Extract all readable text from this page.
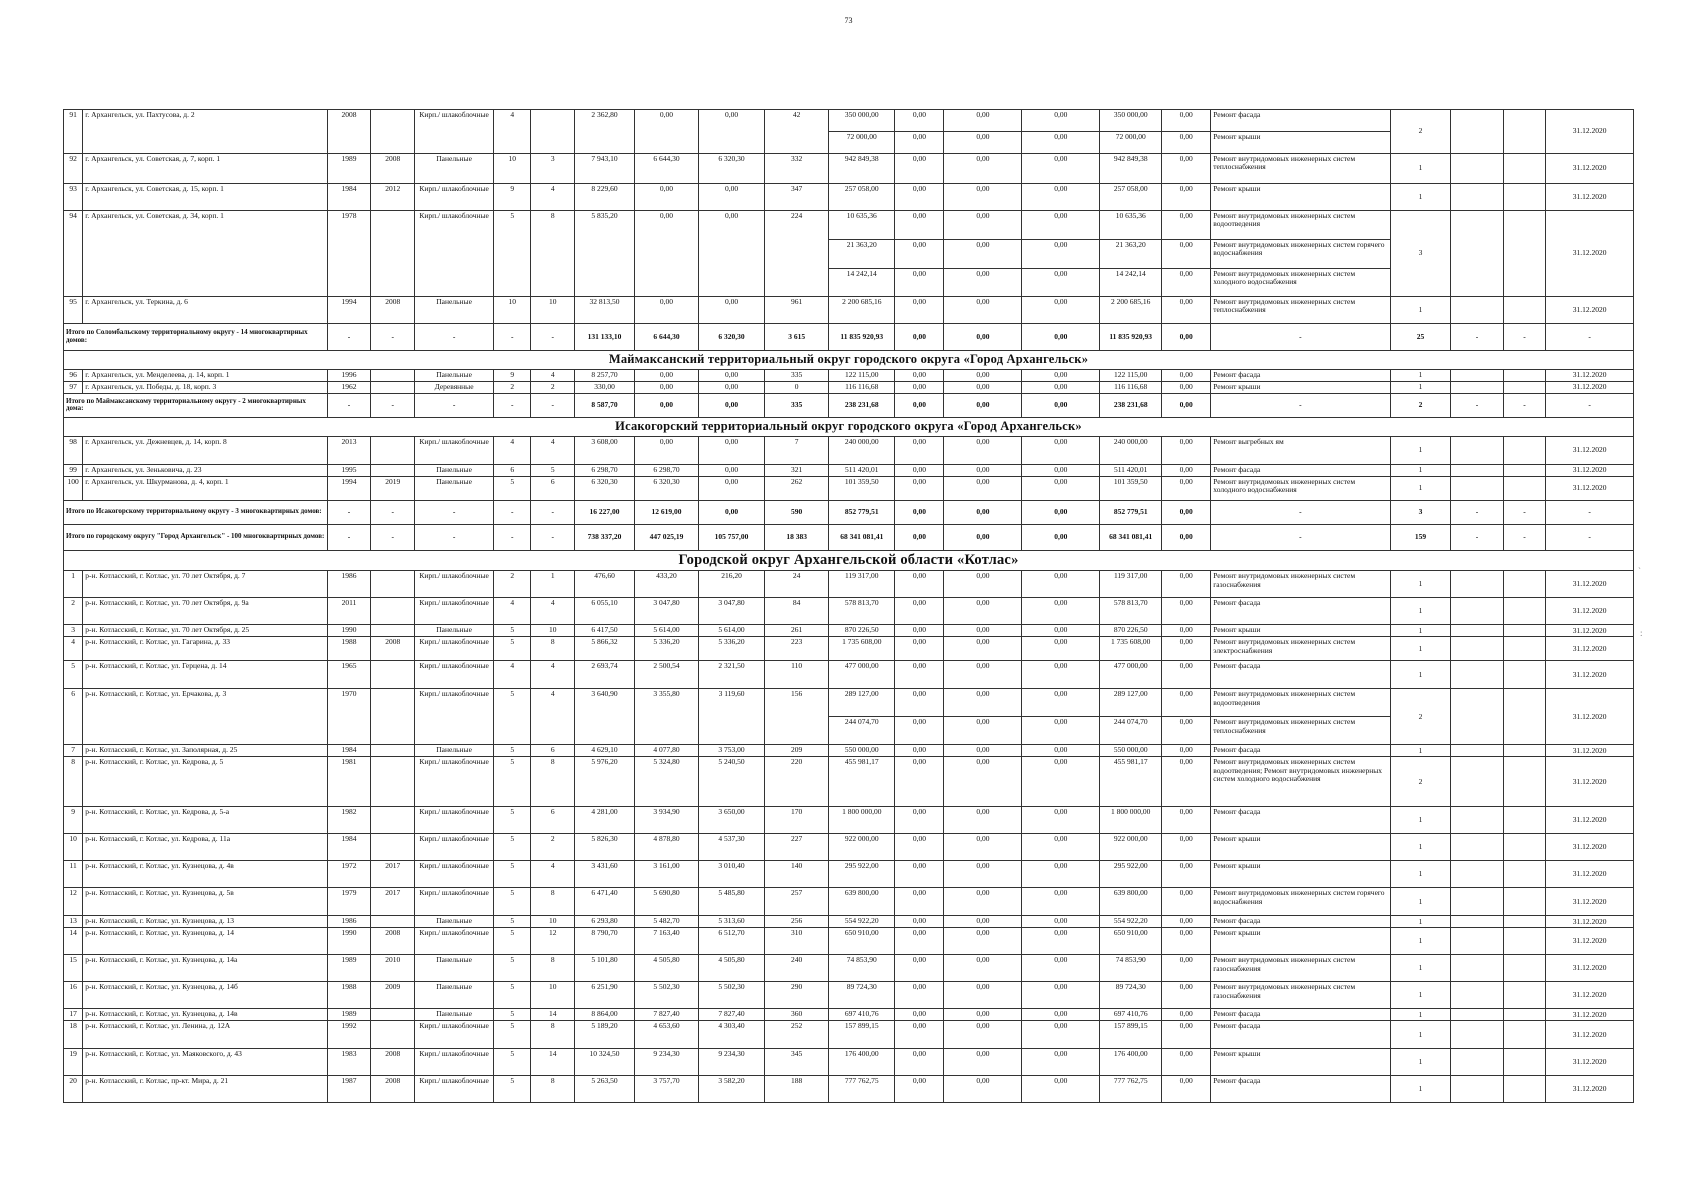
73
91	г. Архангельск, ул. Пахтусова, д. 2	2008		Кирп./ шлакоблочные	4		2 362,80	0,00	0,00	42	350 000,00	0,00	0,00	0,00	350 000,00	0,00	Ремонт фасада	2			31.12.2020
											72 000,00	0,00	0,00	0,00	72 000,00	0,00	Ремонт крыши				
92	г. Архангельск, ул. Советская, д. 7, корп. 1	1989	2008	Панельные	10	3	7 943,10	6 644,30	6 320,30	332	942 849,38	0,00	0,00	0,00	942 849,38	0,00	Ремонт внутридомовых инженерных систем теплоснабжения	1			31.12.2020
93	г. Архангельск, ул. Советская, д. 15, корп. 1	1984	2012	Кирп./ шлакоблочные	9	4	8 229,60	0,00	0,00	347	257 058,00	0,00	0,00	0,00	257 058,00	0,00	Ремонт крыши	1			31.12.2020
94	г. Архангельск, ул. Советская, д. 34, корп. 1	1978		Кирп./ шлакоблочные	5	8	5 835,20	0,00	0,00	224	10 635,36	0,00	0,00	0,00	10 635,36	0,00	Ремонт внутридомовых инженерных систем водоотведения	3			31.12.2020
											21 363,20	0,00	0,00	0,00	21 363,20	0,00	Ремонт внутридомовых инженерных систем горячего водоснабжения				
											14 242,14	0,00	0,00	0,00	14 242,14	0,00	Ремонт внутридомовых инженерных систем холодного водоснабжения				
95	г. Архангельск, ул. Теркина, д. 6	1994	2008	Панельные	10	10	32 813,50	0,00	0,00	961	2 200 685,16	0,00	0,00	0,00	2 200 685,16	0,00	Ремонт внутридомовых инженерных систем теплоснабжения	1			31.12.2020
Итого по Соломбальскому территориальному округу - 14 многоквартирных домов:		-	-	-	-	-	131 133,10	6 644,30	6 320,30	3 615	11 835 920,93	0,00	0,00	0,00	11 835 920,93	0,00	-	25	-	-	-
Маймаксанский территориальный округ городского округа «Город Архангельск»																					
96	г. Архангельск, ул. Менделеева, д. 14, корп. 1	1996		Панельные	9	4	8 257,70	0,00	0,00	335	122 115,00	0,00	0,00	0,00	122 115,00	0,00	Ремонт фасада	1			31.12.2020
97	г. Архангельск, ул. Победы, д. 18, корп. 3	1962		Деревянные	2	2	330,00	0,00	0,00	0	116 116,68	0,00	0,00	0,00	116 116,68	0,00	Ремонт крыши	1			31.12.2020
Итого по Маймаксанскому территориальному округу - 2 многоквартирных дома:		-	-	-	-	-	8 587,70	0,00	0,00	335	238 231,68	0,00	0,00	0,00	238 231,68	0,00	-	2	-	-	-
Исакогорский территориальный округ городского округа «Город Архангельск»																					
98	г. Архангельск, ул. Дежневцев, д. 14, корп. 8	2013		Кирп./ шлакоблочные	4	4	3 608,00	0,00	0,00	7	240 000,00	0,00	0,00	0,00	240 000,00	0,00	Ремонт выгребных ям	1			31.12.2020
99	г. Архангельск, ул. Зеньковича, д. 23	1995		Панельные	6	5	6 298,70	6 298,70	0,00	321	511 420,01	0,00	0,00	0,00	511 420,01	0,00	Ремонт фасада	1			31.12.2020
100	г. Архангельск, ул. Шкурманова, д. 4, корп. 1	1994	2019	Панельные	5	6	6 320,30	6 320,30	0,00	262	101 359,50	0,00	0,00	0,00	101 359,50	0,00	Ремонт внутридомовых инженерных систем холодного водоснабжения	1			31.12.2020
Итого по Исакогорскому территориальному округу - 3 многоквартирных домов:		-	-	-	-	-	16 227,00	12 619,00	0,00	590	852 779,51	0,00	0,00	0,00	852 779,51	0,00	-	3	-	-	-
Итого по городскому округу "Город Архангельск" - 100 многоквартирных домов:		-	-	-	-	-	738 337,20	447 025,19	105 757,00	18 383	68 341 081,41	0,00	0,00	0,00	68 341 081,41	0,00	-	159	-	-	-
Городской округ Архангельской области «Котлас»																					
1	р-н. Котласский, г. Котлас, ул. 70 лет Октября, д. 7	1986		Кирп./ шлакоблочные	2	1	476,60	433,20	216,20	24	119 317,00	0,00	0,00	0,00	119 317,00	0,00	Ремонт внутридомовых инженерных систем газоснабжения	1			31.12.2020
2	р-н. Котласский, г. Котлас, ул. 70 лет Октября, д. 9а	2011		Кирп./ шлакоблочные	4	4	6 055,10	3 047,80	3 047,80	84	578 813,70	0,00	0,00	0,00	578 813,70	0,00	Ремонт фасада	1			31.12.2020
3	р-н. Котласский, г. Котлас, ул. 70 лет Октября, д. 25	1990		Панельные	5	10	6 417,50	5 614,00	5 614,00	261	870 226,50	0,00	0,00	0,00	870 226,50	0,00	Ремонт крыши	1			31.12.2020
4	р-н. Котласский, г. Котлас, ул. Гагарина, д. 33	1988	2008	Кирп./ шлакоблочные	5	8	5 866,32	5 336,20	5 336,20	223	1 735 608,00	0,00	0,00	0,00	1 735 608,00	0,00	Ремонт внутридомовых инженерных систем электроснабжения	1			31.12.2020
5	р-н. Котласский, г. Котлас, ул. Герцена, д. 14	1965		Кирп./ шлакоблочные	4	4	2 693,74	2 500,54	2 321,50	110	477 000,00	0,00	0,00	0,00	477 000,00	0,00	Ремонт фасада	1			31.12.2020
6	р-н. Котласский, г. Котлас, ул. Ерчакова, д. 3	1970		Кирп./ шлакоблочные	5	4	3 640,90	3 355,80	3 119,60	156	289 127,00	0,00	0,00	0,00	289 127,00	0,00	Ремонт внутридомовых инженерных систем водоотведения	2			31.12.2020
											244 074,70	0,00	0,00	0,00	244 074,70	0,00	Ремонт внутридомовых инженерных систем теплоснабжения				
7	р-н. Котласский, г. Котлас, ул. Заполярная, д. 25	1984		Панельные	5	6	4 629,10	4 077,80	3 753,00	209	550 000,00	0,00	0,00	0,00	550 000,00	0,00	Ремонт фасада	1			31.12.2020
8	р-н. Котласский, г. Котлас, ул. Кедрова, д. 5	1981		Кирп./ шлакоблочные	5	8	5 976,20	5 324,80	5 240,50	220	455 981,17	0,00	0,00	0,00	455 981,17	0,00	Ремонт внутридомовых инженерных систем водоотведения; Ремонт внутридомовых инженерных систем холодного водоснабжения	2			31.12.2020
9	р-н. Котласский, г. Котлас, ул. Кедрова, д. 5-а	1982		Кирп./ шлакоблочные	5	6	4 281,00	3 934,90	3 650,00	170	1 800 000,00	0,00	0,00	0,00	1 800 000,00	0,00	Ремонт фасада	1			31.12.2020
10	р-н. Котласский, г. Котлас, ул. Кедрова, д. 11а	1984		Кирп./ шлакоблочные	5	2	5 826,30	4 878,80	4 537,30	227	922 000,00	0,00	0,00	0,00	922 000,00	0,00	Ремонт крыши	1			31.12.2020
11	р-н. Котласский, г. Котлас, ул. Кузнецова, д. 4в	1972	2017	Кирп./ шлакоблочные	5	4	3 431,60	3 161,00	3 010,40	140	295 922,00	0,00	0,00	0,00	295 922,00	0,00	Ремонт крыши	1			31.12.2020
12	р-н. Котласский, г. Котлас, ул. Кузнецова, д. 5в	1979	2017	Кирп./ шлакоблочные	5	8	6 471,40	5 690,80	5 485,80	257	639 800,00	0,00	0,00	0,00	639 800,00	0,00	Ремонт внутридомовых инженерных систем горячего водоснабжения	1			31.12.2020
13	р-н. Котласский, г. Котлас, ул. Кузнецова, д. 13	1986		Панельные	5	10	6 293,80	5 482,70	5 313,60	256	554 922,20	0,00	0,00	0,00	554 922,20	0,00	Ремонт фасада	1			31.12.2020
14	р-н. Котласский, г. Котлас, ул. Кузнецова, д. 14	1990	2008	Кирп./ шлакоблочные	5	12	8 790,70	7 163,40	6 512,70	310	650 910,00	0,00	0,00	0,00	650 910,00	0,00	Ремонт крыши	1			31.12.2020
15	р-н. Котласский, г. Котлас, ул. Кузнецова, д. 14а	1989	2010	Панельные	5	8	5 101,80	4 505,80	4 505,80	240	74 853,90	0,00	0,00	0,00	74 853,90	0,00	Ремонт внутридомовых инженерных систем газоснабжения	1			31.12.2020
16	р-н. Котласский, г. Котлас, ул. Кузнецова, д. 14б	1988	2009	Панельные	5	10	6 251,90	5 502,30	5 502,30	290	89 724,30	0,00	0,00	0,00	89 724,30	0,00	Ремонт внутридомовых инженерных систем газоснабжения	1			31.12.2020
17	р-н. Котласский, г. Котлас, ул. Кузнецова, д. 14в	1989		Панельные	5	14	8 864,00	7 827,40	7 827,40	360	697 410,76	0,00	0,00	0,00	697 410,76	0,00	Ремонт фасада	1			31.12.2020
18	р-н. Котласский, г. Котлас, ул. Ленина, д. 12А	1992		Кирп./ шлакоблочные	5	8	5 189,20	4 653,60	4 303,40	252	157 899,15	0,00	0,00	0,00	157 899,15	0,00	Ремонт фасада	1			31.12.2020
19	р-н. Котласский, г. Котлас, ул. Маяковского, д. 43	1983	2008	Кирп./ шлакоблочные	5	14	10 324,50	9 234,30	9 234,30	345	176 400,00	0,00	0,00	0,00	176 400,00	0,00	Ремонт крыши	1			31.12.2020
20	р-н. Котласский, г. Котлас, пр-кт. Мира, д. 21	1987	2008	Кирп./ шлакоблочные	5	8	5 263,50	3 757,70	3 582,20	188	777 762,75	0,00	0,00	0,00	777 762,75	0,00	Ремонт фасада	1			31.12.2020
`
:
